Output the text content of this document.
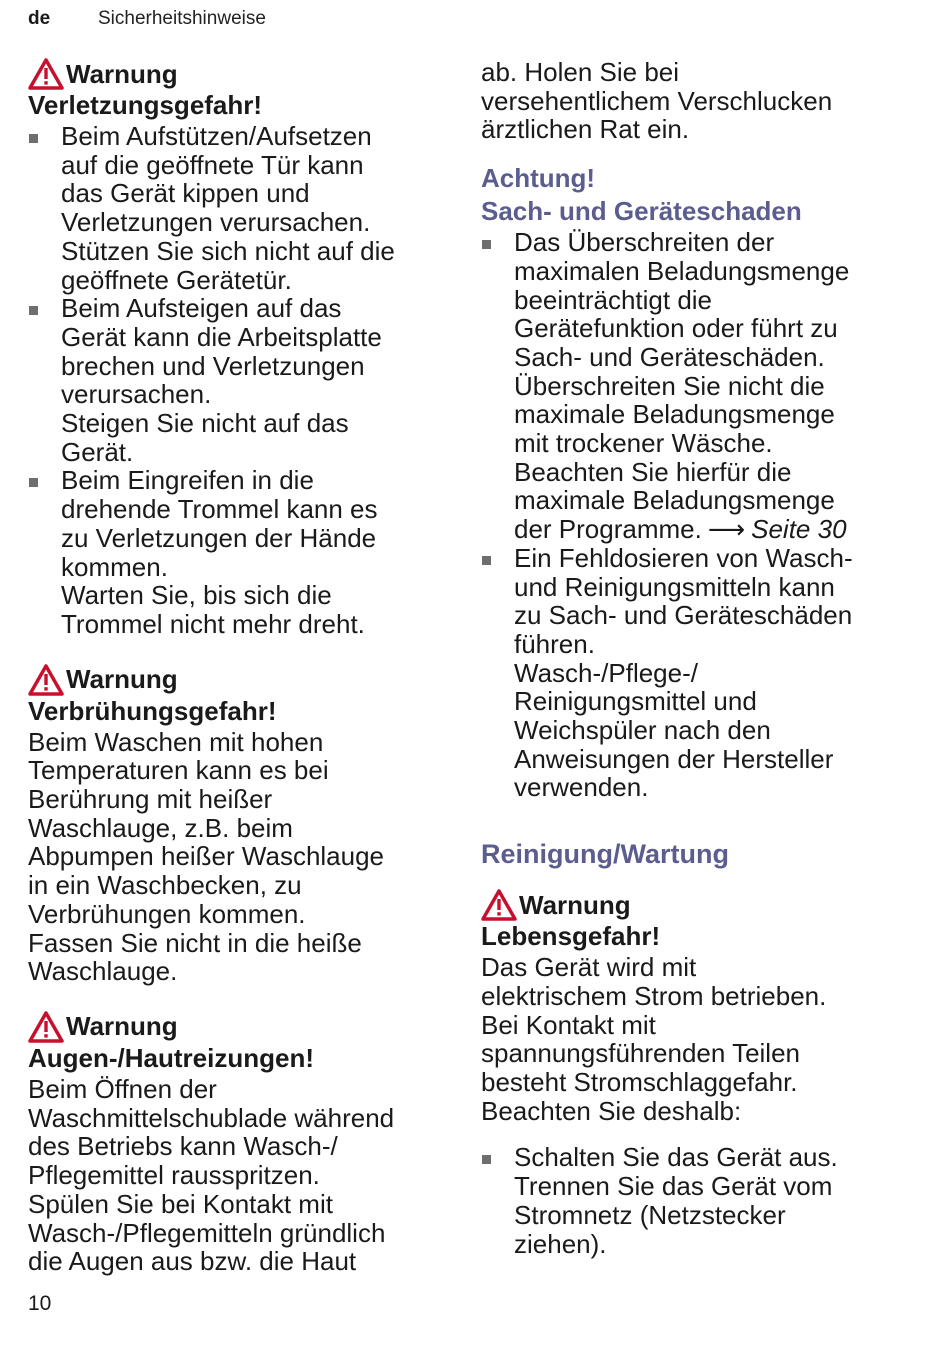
de	Sicherheitshinweise
Warnung
Verletzungsgefahr!
Beim Aufstützen/Aufsetzen
auf die geöffnete Tür kann
das Gerät kippen und
Verletzungen verursachen.
Stützen Sie sich nicht auf die
geöffnete Gerätetür.
Beim Aufsteigen auf das
Gerät kann die Arbeitsplatte
brechen und Verletzungen
verursachen.
Steigen Sie nicht auf das
Gerät.
Beim Eingreifen in die
drehende Trommel kann es
zu Verletzungen der Hände
kommen.
Warten Sie, bis sich die
Trommel nicht mehr dreht.
Warnung
Verbrühungsgefahr!
Beim Waschen mit hohen
Temperaturen kann es bei
Berührung mit heißer
Waschlauge, z.B. beim
Abpumpen heißer Waschlauge
in ein Waschbecken, zu
Verbrühungen kommen.
Fassen Sie nicht in die heiße
Waschlauge.
Warnung
Augen-/Hautreizungen!
Beim Öffnen der
Waschmittelschublade während
des Betriebs kann Wasch-/
Pflegemittel rausspritzen.
Spülen Sie bei Kontakt mit
Wasch-/Pflegemitteln gründlich
die Augen aus bzw. die Haut
ab. Holen Sie bei
versehentlichem Verschlucken
ärztlichen Rat ein.
Achtung!
Sach- und Geräteschaden
Das Überschreiten der
maximalen Beladungsmenge
beeinträchtigt die
Gerätefunktion oder führt zu
Sach- und Geräteschäden.
Überschreiten Sie nicht die
maximale Beladungsmenge
mit trockener Wäsche.
Beachten Sie hierfür die
maximale Beladungsmenge
der Programme. ⟶ Seite 30
Ein Fehldosieren von Wasch-
und Reinigungsmitteln kann
zu Sach- und Geräteschäden
führen.
Wasch-/Pflege-/
Reinigungsmittel und
Weichspüler nach den
Anweisungen der Hersteller
verwenden.
Reinigung/Wartung
Warnung
Lebensgefahr!
Das Gerät wird mit
elektrischem Strom betrieben.
Bei Kontakt mit
spannungsführenden Teilen
besteht Stromschlaggefahr.
Beachten Sie deshalb:
Schalten Sie das Gerät aus.
Trennen Sie das Gerät vom
Stromnetz (Netzstecker
ziehen).
10
